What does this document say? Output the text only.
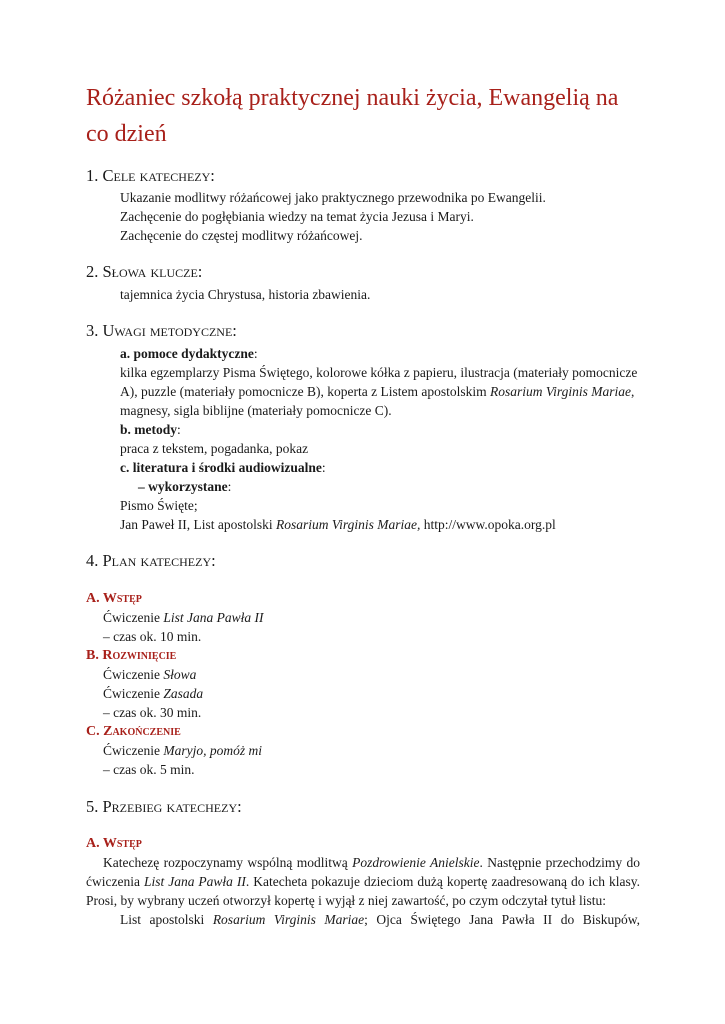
Różaniec szkołą praktycznej nauki życia, Ewangelią na co dzień
1. Cele katechezy:
Ukazanie modlitwy różańcowej jako praktycznego przewodnika po Ewangelii.
Zachęcenie do pogłębiania wiedzy na temat życia Jezusa i Maryi.
Zachęcenie do częstej modlitwy różańcowej.
2. Słowa klucze:
tajemnica życia Chrystusa, historia zbawienia.
3. Uwagi metodyczne:
a. pomoce dydaktyczne:
kilka egzemplarzy Pisma Świętego, kolorowe kółka z papieru, ilustracja (materiały pomocnicze
A), puzzle (materiały pomocnicze B), koperta z Listem apostolskim Rosarium Virginis Mariae,
magnesy, sigla biblijne (materiały pomocnicze C).
b. metody:
praca z tekstem, pogadanka, pokaz
c. literatura i środki audiowizualne:
– wykorzystane:
Pismo Święte;
Jan Paweł II, List apostolski Rosarium Virginis Mariae, http://www.opoka.org.pl
4. Plan katechezy:
A. Wstęp
Ćwiczenie List Jana Pawła II
– czas ok. 10 min.
B. Rozwinięcie
Ćwiczenie Słowa
Ćwiczenie Zasada
– czas ok. 30 min.
C. Zakończenie
Ćwiczenie Maryjo, pomóż mi
– czas ok. 5 min.
5. Przebieg katechezy:
A. Wstęp

Katechezę rozpoczynamy wspólną modlitwą Pozdrowienie Anielskie. Następnie przechodzimy do ćwiczenia List Jana Pawła II. Katecheta pokazuje dzieciom dużą kopertę zaadresowaną do ich klasy. Prosi, by wybrany uczeń otworzył kopertę i wyjął z niej zawartość, po czym odczytał tytuł listu:

List apostolski Rosarium Virginis Mariae; Ojca Świętego Jana Pawła II do Biskupów,
